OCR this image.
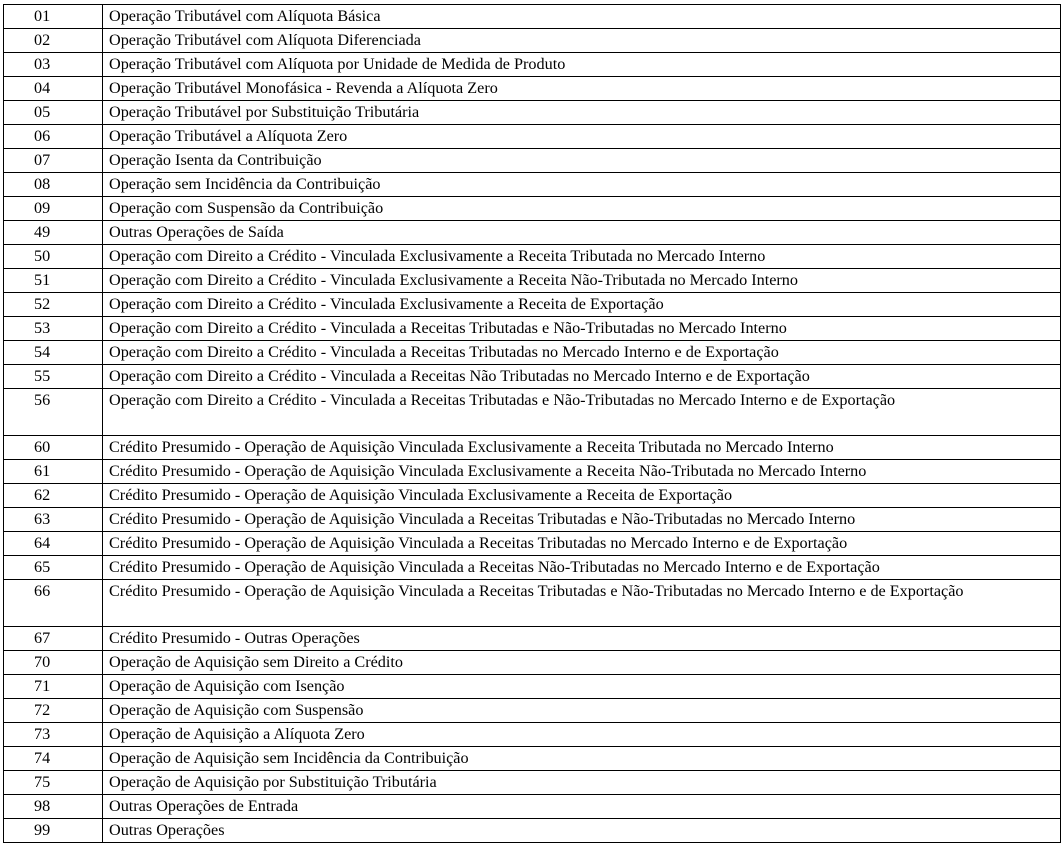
01	Operação Tributável com Alíquota Básica
02	Operação Tributável com Alíquota Diferenciada
03	Operação Tributável com Alíquota por Unidade de Medida de Produto
04	Operação Tributável Monofásica - Revenda a Alíquota Zero
05	Operação Tributável por Substituição Tributária
06	Operação Tributável a Alíquota Zero
07	Operação Isenta da Contribuição
08	Operação sem Incidência da Contribuição
09	Operação com Suspensão da Contribuição
49	Outras Operações de Saída
50	Operação com Direito a Crédito - Vinculada Exclusivamente a Receita Tributada no Mercado Interno
51	Operação com Direito a Crédito - Vinculada Exclusivamente a Receita Não-Tributada no Mercado Interno
52	Operação com Direito a Crédito - Vinculada Exclusivamente a Receita de Exportação
53	Operação com Direito a Crédito - Vinculada a Receitas Tributadas e Não-Tributadas no Mercado Interno
54	Operação com Direito a Crédito - Vinculada a Receitas Tributadas no Mercado Interno e de Exportação
55	Operação com Direito a Crédito - Vinculada a Receitas Não Tributadas no Mercado Interno e de Exportação
56	Operação com Direito a Crédito - Vinculada a Receitas Tributadas e Não-Tributadas no Mercado Interno e de Exportação
60	Crédito Presumido - Operação de Aquisição Vinculada Exclusivamente a Receita Tributada no Mercado Interno
61	Crédito Presumido - Operação de Aquisição Vinculada Exclusivamente a Receita Não-Tributada no Mercado Interno
62	Crédito Presumido - Operação de Aquisição Vinculada Exclusivamente a Receita de Exportação
63	Crédito Presumido - Operação de Aquisição Vinculada a Receitas Tributadas e Não-Tributadas no Mercado Interno
64	Crédito Presumido - Operação de Aquisição Vinculada a Receitas Tributadas no Mercado Interno e de Exportação
65	Crédito Presumido - Operação de Aquisição Vinculada a Receitas Não-Tributadas no Mercado Interno e de Exportação
66	Crédito Presumido - Operação de Aquisição Vinculada a Receitas Tributadas e Não-Tributadas no Mercado Interno e de Exportação
67	Crédito Presumido - Outras Operações
70	Operação de Aquisição sem Direito a Crédito
71	Operação de Aquisição com Isenção
72	Operação de Aquisição com Suspensão
73	Operação de Aquisição a Alíquota Zero
74	Operação de Aquisição sem Incidência da Contribuição
75	Operação de Aquisição por Substituição Tributária
98	Outras Operações de Entrada
99	Outras Operações
